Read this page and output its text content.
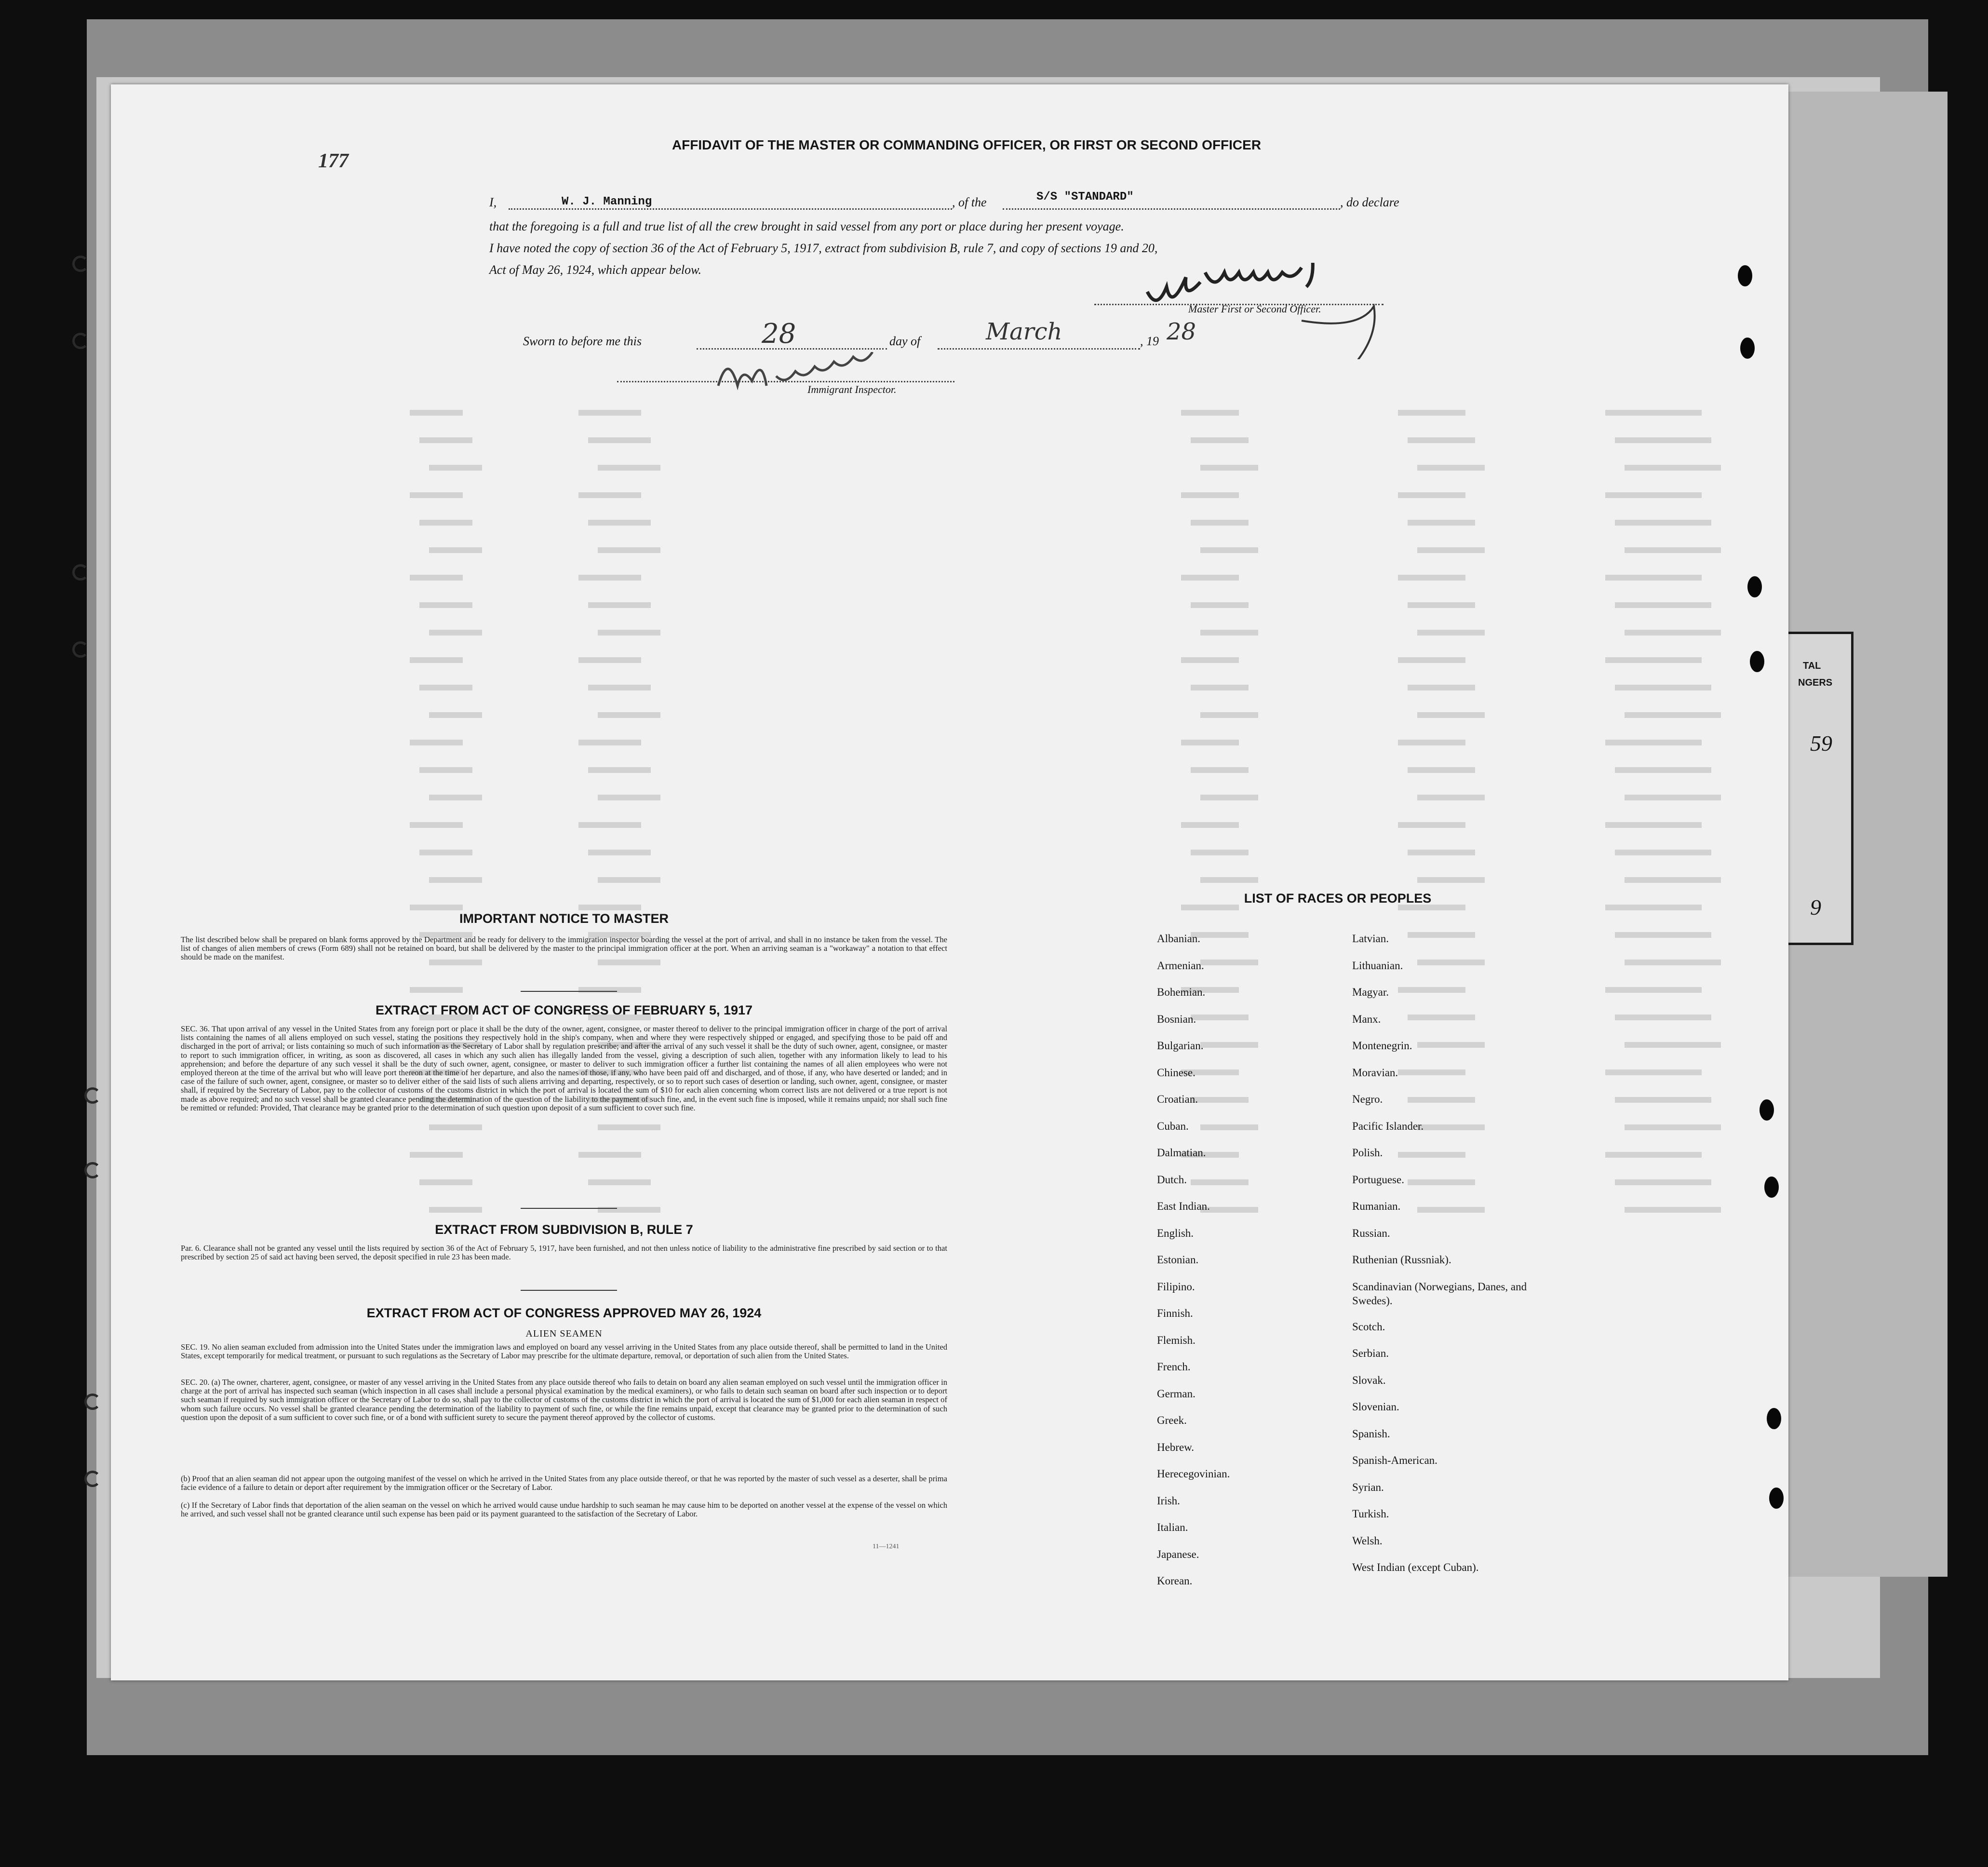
TAL
NGERS
59
9
177
AFFIDAVIT OF THE MASTER OR COMMANDING OFFICER, OR FIRST OR SECOND OFFICER
I,	W. J. Manning	, of the	S/S "STANDARD"	, do declare
that the foregoing is a full and true list of all the crew brought in said vessel from any port or place during her present voyage.
I have noted the copy of section 36 of the Act of February 5, 1917, extract from subdivision B, rule 7, and copy of sections 19 and 20,
Act of May 26, 1924, which appear below.
Master First or Second Officer.
Sworn to before me this	28	day of	March	, 19 28
Immigrant Inspector.
IMPORTANT NOTICE TO MASTER
The list described below shall be prepared on blank forms approved by the Department and be ready for delivery to the immigration inspector boarding the vessel at the port of arrival, and shall in no instance be taken from the vessel. The list of changes of alien members of crews (Form 689) shall not be retained on board, but shall be delivered by the master to the principal immigration officer at the port. When an arriving seaman is a "workaway" a notation to that effect should be made on the manifest.
EXTRACT FROM ACT OF CONGRESS OF FEBRUARY 5, 1917
SEC. 36. That upon arrival of any vessel in the United States from any foreign port or place it shall be the duty of the owner, agent, consignee, or master thereof to deliver to the principal immigration officer in charge of the port of arrival lists containing the names of all aliens employed on such vessel, stating the positions they respectively hold in the ship's company, when and where they were respectively shipped or engaged, and specifying those to be paid off and discharged in the port of arrival; or lists containing so much of such information as the Secretary of Labor shall by regulation prescribe; and after the arrival of any such vessel it shall be the duty of such owner, agent, consignee, or master to report to such immigration officer, in writing, as soon as discovered, all cases in which any such alien has illegally landed from the vessel, giving a description of such alien, together with any information likely to lead to his apprehension; and before the departure of any such vessel it shall be the duty of such owner, agent, consignee, or master to deliver to such immigration officer a further list containing the names of all alien employees who were not employed thereon at the time of the arrival but who will leave port thereon at the time of her departure, and also the names of those, if any, who have been paid off and discharged, and of those, if any, who have deserted or landed; and in case of the failure of such owner, agent, consignee, or master so to deliver either of the said lists of such aliens arriving and departing, respectively, or so to report such cases of desertion or landing, such owner, agent, consignee, or master shall, if required by the Secretary of Labor, pay to the collector of customs of the customs district in which the port of arrival is located the sum of $10 for each alien concerning whom correct lists are not delivered or a true report is not made as above required; and no such vessel shall be granted clearance pending the determination of the question of the liability to the payment of such fine, and, in the event such fine is imposed, while it remains unpaid; nor shall such fine be remitted or refunded: Provided, That clearance may be granted prior to the determination of such question upon deposit of a sum sufficient to cover such fine.
EXTRACT FROM SUBDIVISION B, RULE 7
Par. 6. Clearance shall not be granted any vessel until the lists required by section 36 of the Act of February 5, 1917, have been furnished, and not then unless notice of liability to the administrative fine prescribed by said section or to that prescribed by section 25 of said act having been served, the deposit specified in rule 23 has been made.
EXTRACT FROM ACT OF CONGRESS APPROVED MAY 26, 1924
ALIEN SEAMEN
SEC. 19. No alien seaman excluded from admission into the United States under the immigration laws and employed on board any vessel arriving in the United States from any place outside thereof, shall be permitted to land in the United States, except temporarily for medical treatment, or pursuant to such regulations as the Secretary of Labor may prescribe for the ultimate departure, removal, or deportation of such alien from the United States.
SEC. 20. (a) The owner, charterer, agent, consignee, or master of any vessel arriving in the United States from any place outside thereof who fails to detain on board any alien seaman employed on such vessel until the immigration officer in charge at the port of arrival has inspected such seaman (which inspection in all cases shall include a personal physical examination by the medical examiners), or who fails to detain such seaman on board after such inspection or to deport such seaman if required by such immigration officer or the Secretary of Labor to do so, shall pay to the collector of customs of the customs district in which the port of arrival is located the sum of $1,000 for each alien seaman in respect of whom such failure occurs. No vessel shall be granted clearance pending the determination of the liability to payment of such fine, or while the fine remains unpaid, except that clearance may be granted prior to the determination of such question upon the deposit of a sum sufficient to cover such fine, or of a bond with sufficient surety to secure the payment thereof approved by the collector of customs.
(b) Proof that an alien seaman did not appear upon the outgoing manifest of the vessel on which he arrived in the United States from any place outside thereof, or that he was reported by the master of such vessel as a deserter, shall be prima facie evidence of a failure to detain or deport after requirement by the immigration officer or the Secretary of Labor.
(c) If the Secretary of Labor finds that deportation of the alien seaman on the vessel on which he arrived would cause undue hardship to such seaman he may cause him to be deported on another vessel at the expense of the vessel on which he arrived, and such vessel shall not be granted clearance until such expense has been paid or its payment guaranteed to the satisfaction of the Secretary of Labor.
11—1241
LIST OF RACES OR PEOPLES
Albanian.
Armenian.
Bohemian.
Bosnian.
Bulgarian.
Chinese.
Croatian.
Cuban.
Dalmatian.
Dutch.
East Indian.
English.
Estonian.
Filipino.
Finnish.
Flemish.
French.
German.
Greek.
Hebrew.
Herecegovinian.
Irish.
Italian.
Japanese.
Korean.
Latvian.
Lithuanian.
Magyar.
Manx.
Montenegrin.
Moravian.
Negro.
Pacific Islander.
Polish.
Portuguese.
Rumanian.
Russian.
Ruthenian (Russniak).
Scandinavian (Norwegians, Danes, and Swedes).
Scotch.
Serbian.
Slovak.
Slovenian.
Spanish.
Spanish-American.
Syrian.
Turkish.
Welsh.
West Indian (except Cuban).
